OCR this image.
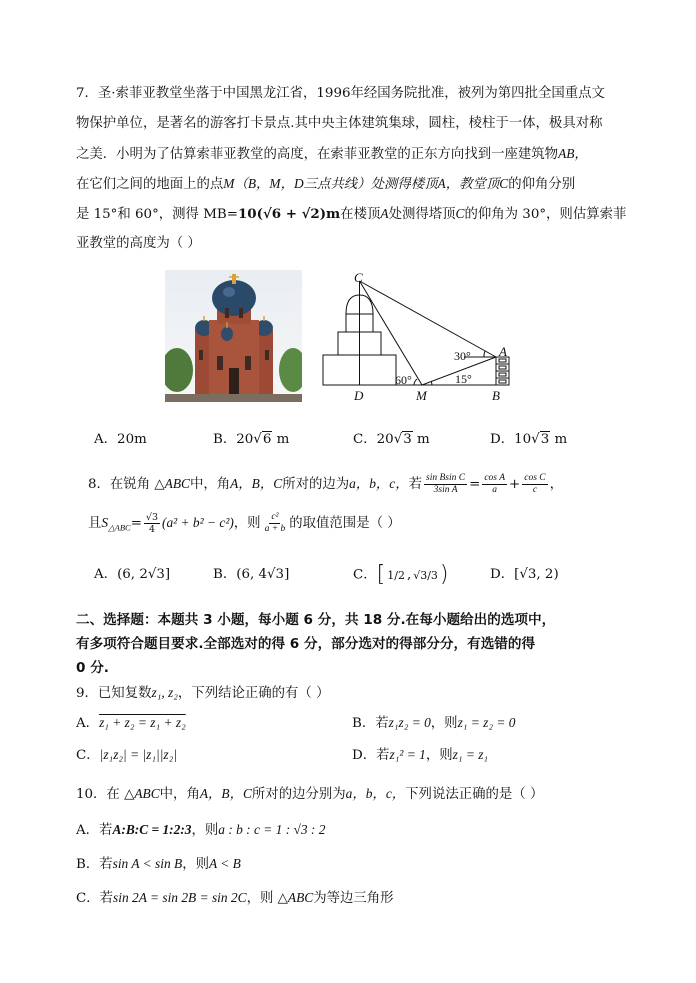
7．圣·索菲亚教堂坐落于中国黑龙江省，1996年经国务院批准，被列为第四批全国重点文
物保护单位，是著名的游客打卡景点.其中央主体建筑集球，圆柱，棱柱于一体，极具对称
之美．小明为了估算索菲亚教堂的高度，在索菲亚教堂的正东方向找到一座建筑物AB，
在它们之间的地面上的点M（B，M，D三点共线）处测得楼顶A，教堂顶C的仰角分别
是 15°和 60°，测得 MB=10(√6 + √2)m在楼顶A处测得塔顶C的仰角为 30°，则估算索菲
亚教堂的高度为（ ）
C
D	M	B
A
60°	15°
30°
A．20m	B．20√6 m	C．20√3 m	D．10√3 m
8．在锐角 △ABC中，角A，B，C所对的边为a，b，c，若 $\frac{\text{sin Bsin C}}{\text{3sin A}} = \frac{\text{cos A}}{a} + \frac{\text{cos C}}{c}$ ，
且$S_{\triangle ABC}= \frac{√3}{4} (a^2 + b^2 - c^2)$，则 $\frac{\text{c²}}{a + b}$ 的取值范围是（ ）
A．(6, 2√3]	B．(6, 4√3]	C．[ 1/2 , √3/3 )	D．[√3, 2)
二、选择题：本题共 3 小题，每小题 6 分，共 18 分.在每小题给出的选项中，
有多项符合题目要求.全部选对的得 6 分，部分选对的得部分分，有选错的得
0 分.
9．已知复数z₁, z₂，下列结论正确的有（ ）
A．z₁ + z₂ = z₁ + z₂	B．若z₁z₂ = 0，则z₁ = z₂ = 0
C．|z₁z₂| = |z₁||z₂|	D．若z₁² = 1，则z₁ = z₁
10．在 △ABC中，角A，B，C所对的边分别为a，b，c，下列说法正确的是（ ）
A．若A:B:C = 1:2:3，则a : b : c = 1 : √3 : 2
B．若sin A < sin B，则A < B
C．若sin 2A = sin 2B = sin 2C，则 △ABC为等边三角形
